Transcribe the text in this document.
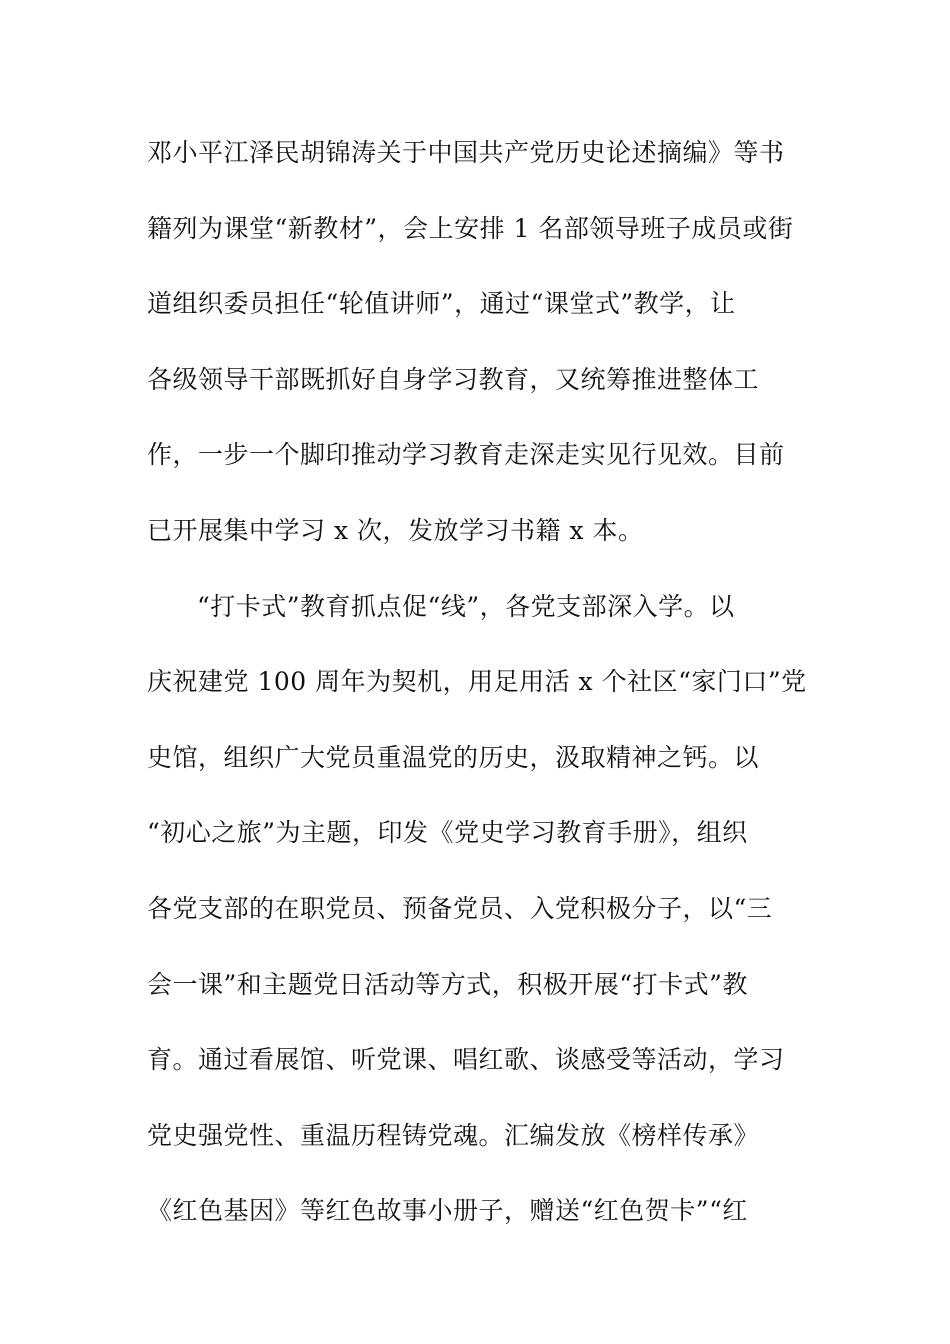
邓小平江泽民胡锦涛关于中国共产党历史论述摘编》等书
籍列为课堂“新教材”，会上安排 1 名部领导班子成员或街
道组织委员担任“轮值讲师”，通过“课堂式”教学，让
各级领导干部既抓好自身学习教育，又统筹推进整体工
作，一步一个脚印推动学习教育走深走实见行见效。目前
已开展集中学习 x 次，发放学习书籍 x 本。
“打卡式”教育抓点促“线”，各党支部深入学。以
庆祝建党 100 周年为契机，用足用活 x 个社区“家门口”党
史馆，组织广大党员重温党的历史，汲取精神之钙。以
“初心之旅”为主题，印发《党史学习教育手册》，组织
各党支部的在职党员、预备党员、入党积极分子，以“三
会一课”和主题党日活动等方式，积极开展“打卡式”教
育。通过看展馆、听党课、唱红歌、谈感受等活动，学习
党史强党性、重温历程铸党魂。汇编发放《榜样传承》
《红色基因》等红色故事小册子，赠送“红色贺卡”“红
